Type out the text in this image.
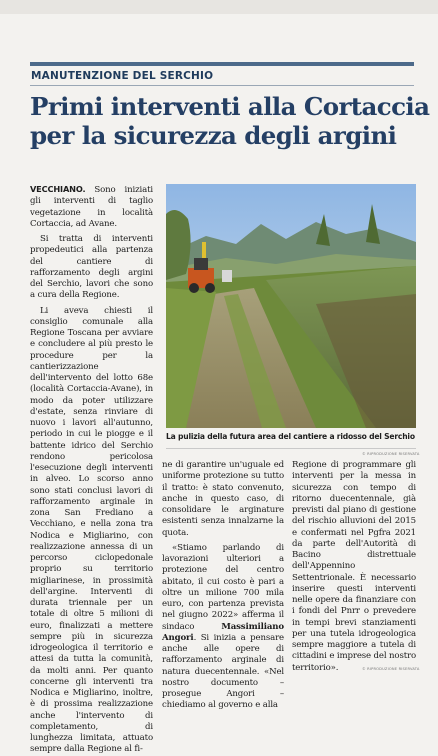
MANUTENZIONE DEL SERCHIO
Primi interventi alla Cortaccia
per la sicurezza degli argini

VECCHIANO. Sono iniziati gli interventi di taglio vegetazione in località Cortaccia, ad Avane.

Si tratta di interventi propedeutici alla partenza del cantiere di rafforzamento degli argini del Serchio, lavori che sono a cura della Regione.

Li aveva chiesti il consiglio comunale alla Regione Toscana per avviare e concludere al più presto le procedure per la cantierizzazione dell'intervento del lotto 68e (località Cortaccia-Avane), in modo da poter utilizzare d'estate, senza rinviare di nuovo i lavori all'autunno, periodo in cui le piogge e il battente idrico del Serchio rendono pericolosa l'esecuzione degli interventi in alveo. Lo scorso anno sono stati conclusi lavori di rafforzamento arginale in zona San Frediano a Vecchiano, e nella zona tra Nodica e Migliarino, con realizzazione annessa di un percorso ciclopedonale proprio su territorio migliarinese, in prossimità dell'argine. Interventi di durata triennale per un totale di oltre 5 milioni di euro, finalizzati a mettere sempre più in sicurezza idrogeologica il territorio e attesi da tutta la comunità, da molti anni. Per quanto concerne gli interventi tra Nodica e Migliarino, inoltre, è di prossima realizzazione anche l'intervento di completamento, di lunghezza limitata, attuato sempre dalla Regione al fi-

La pulizia della futura area del cantiere a ridosso del Serchio
© RIPRODUZIONE RISERVATA

ne di garantire un'uguale ed uniforme protezione su tutto il tratto: è stato convenuto, anche in questo caso, di consolidare le arginature esistenti senza innalzarne la quota.

«Stiamo parlando di lavorazioni ulteriori a protezione del centro abitato, il cui costo è pari a oltre un milione 700 mila euro, con partenza prevista nel giugno 2022» afferma il sindaco Massimiliano Angori. Si inizia a pensare anche alle opere di rafforzamento arginale di natura duecentennale. «Nel nostro documento – prosegue Angori – chiediamo al governo e alla

Regione di programmare gli interventi per la messa in sicurezza con tempo di ritorno duecentennale, già previsti dal piano di gestione del rischio alluvioni del 2015 e confermati nel Pgfra 2021 da parte dell'Autorità di Bacino distrettuale dell'Appennino Settentrionale. È necessario inserire questi interventi nelle opere da finanziare con i fondi del Pnrr o prevedere in tempi brevi stanziamenti per una tutela idrogeologica sempre maggiore a tutela di cittadini e imprese del nostro territorio».	© RIPRODUZIONE RISERVATA
